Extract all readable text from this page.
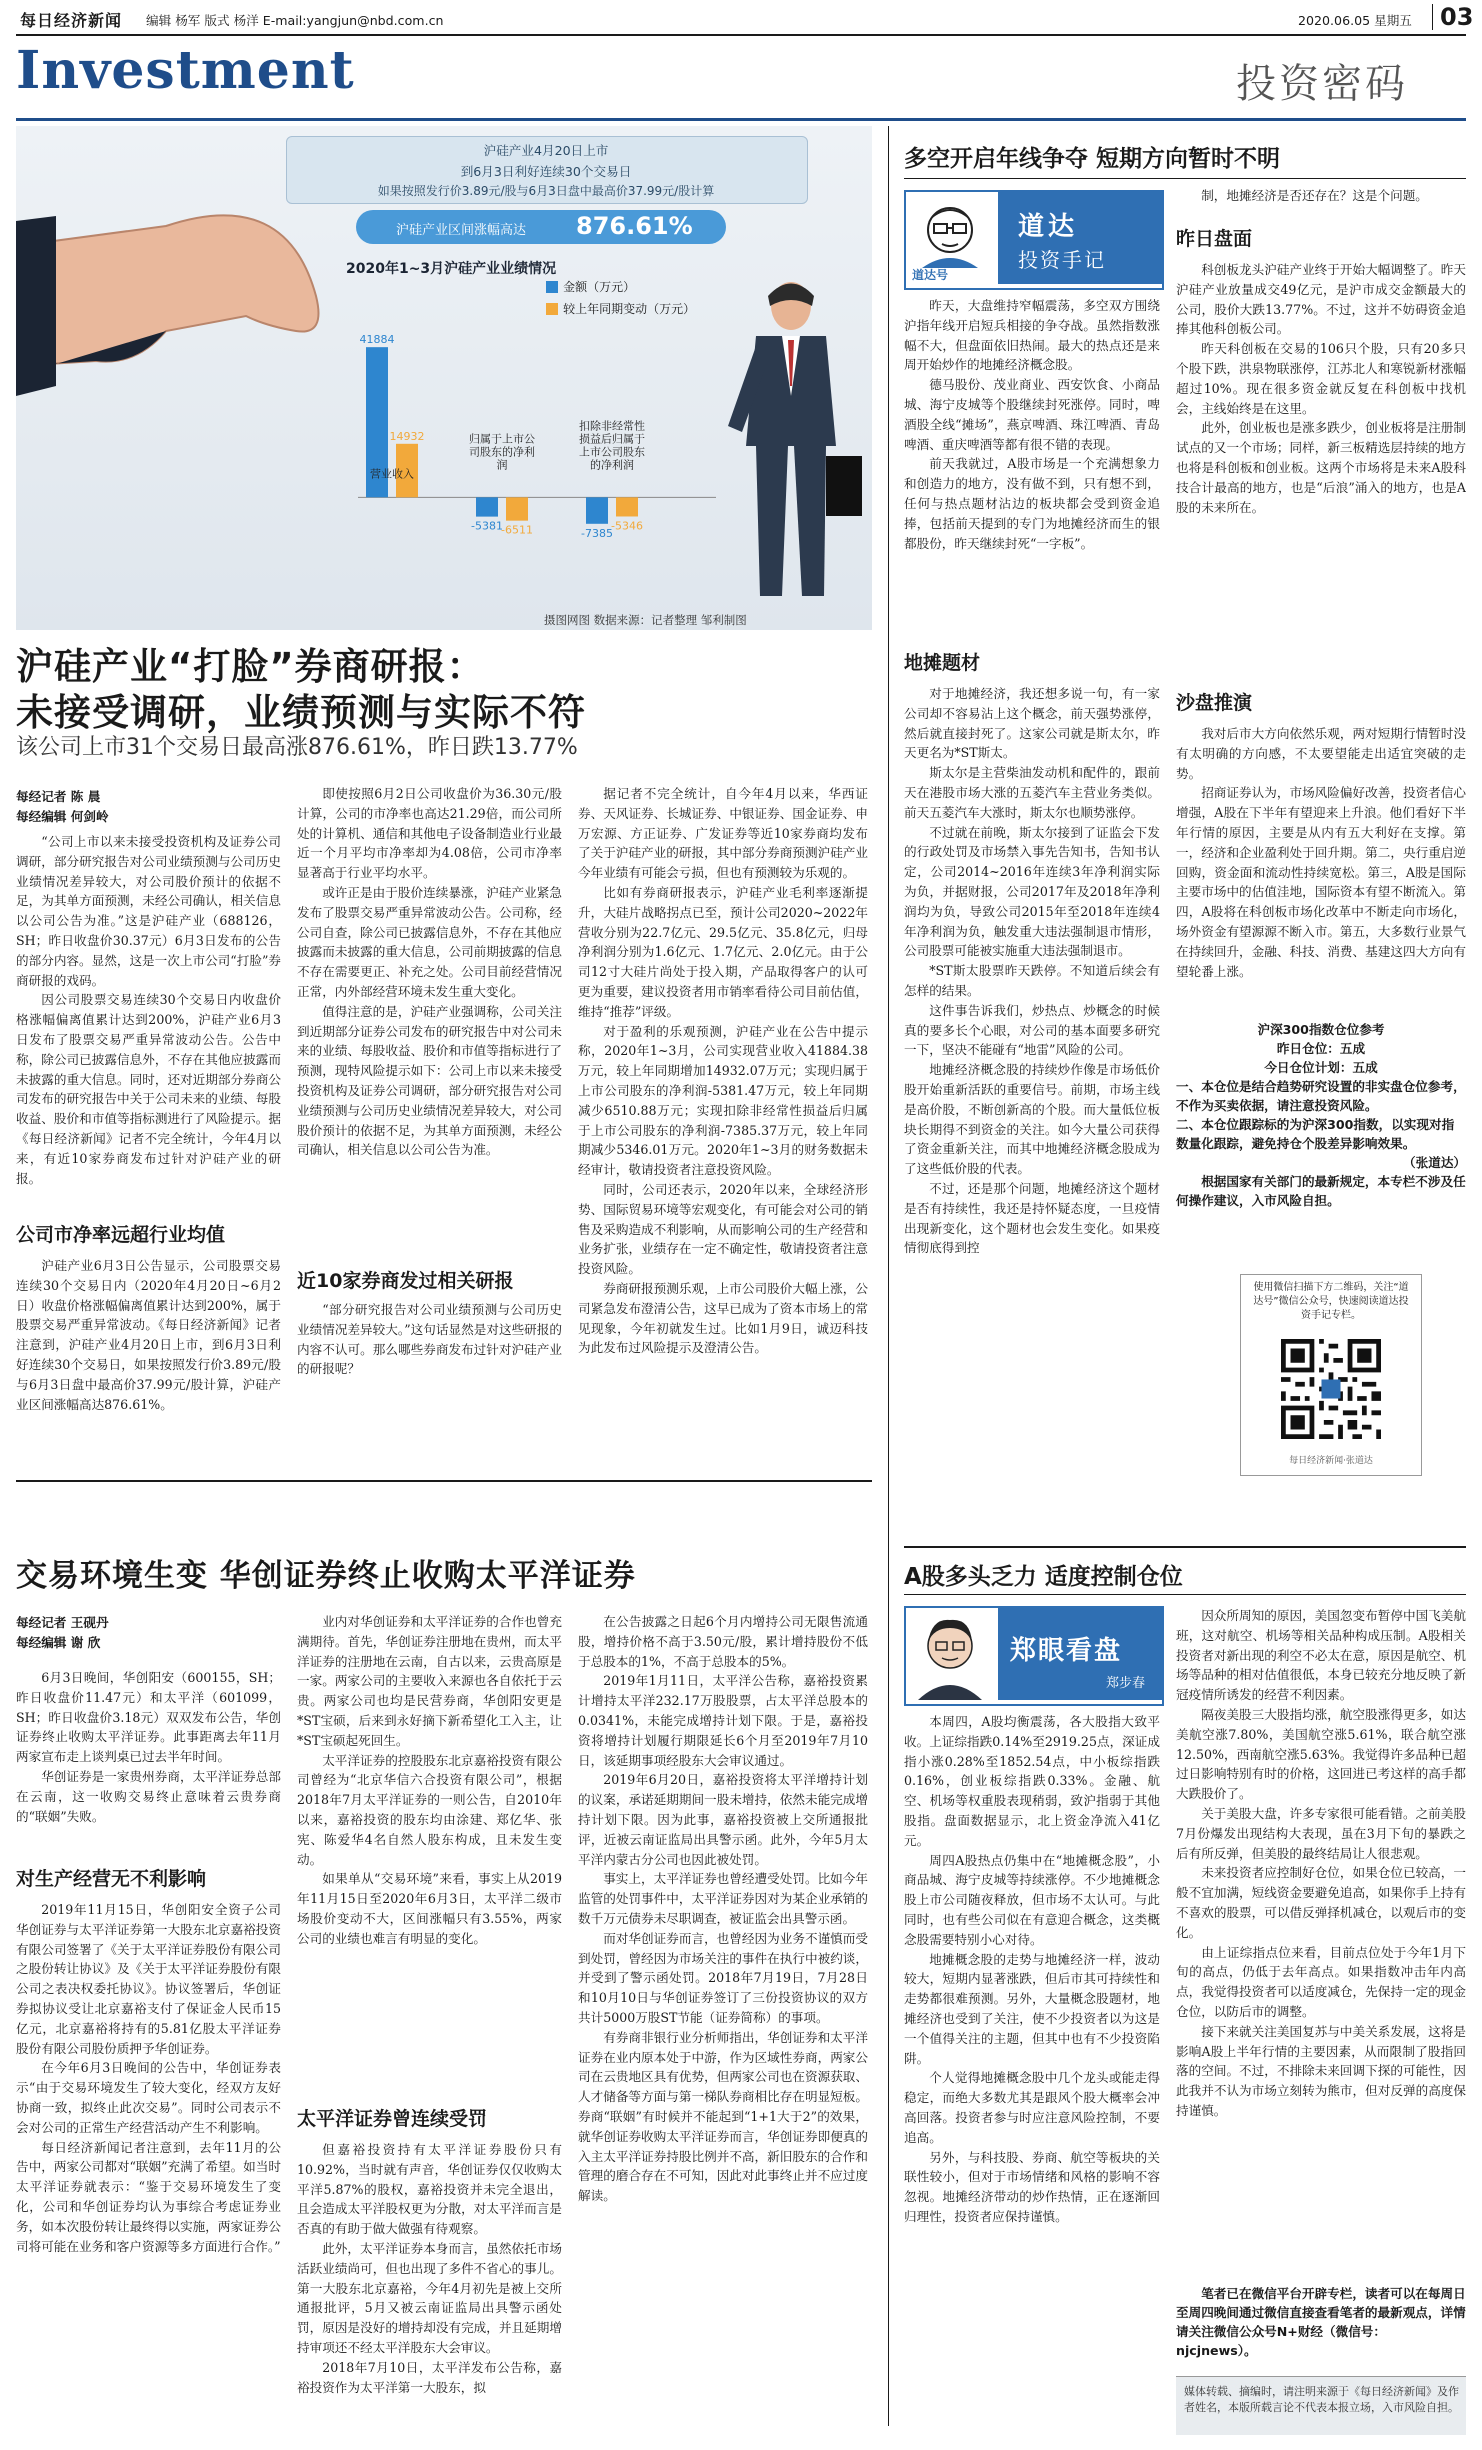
每日经济新闻 编辑 杨军 版式 杨洋 E-mail:yangjun@nbd.com.cn	2020.06.05 星期五 03
Investment	投资密码
沪硅产业4月20日上市
到6月3日利好连续30个交易日
如果按照发行价3.89元/股与6月3日盘中最高价37.99元/股计算
沪硅产业区间涨幅高达 876.61%
2020年1~3月沪硅产业业绩情况
金额（万元）
较上年同期变动（万元）
41884
14932
营业收入
-5381
-6511
归属于上市公司股东的净利润
-7385
-5346
扣除非经常性损益后归属于上市公司股东的净利润
摄图网图 数据来源：记者整理 邹利制图
沪硅产业“打脸”券商研报：
未接受调研，业绩预测与实际不符
该公司上市31个交易日最高涨876.61%，昨日跌13.77%
每经记者 陈 晨
每经编辑 何剑岭

“公司上市以来未接受投资机构及证券公司调研，部分研究报告对公司业绩预测与公司历史业绩情况差异较大，对公司股价预计的依据不足，为其单方面预测，未经公司确认，相关信息以公司公告为准。”这是沪硅产业（688126，SH；昨日收盘价30.37元）6月3日发布的公告的部分内容。显然，这是一次上市公司“打脸”券商研报的戏码。

因公司股票交易连续30个交易日内收盘价格涨幅偏离值累计达到200%，沪硅产业6月3日发布了股票交易严重异常波动公告。公告中称，除公司已披露信息外，不存在其他应披露而未披露的重大信息。同时，还对近期部分券商公司发布的研究报告中关于公司未来的业绩、每股收益、股价和市值等指标测进行了风险提示。据《每日经济新闻》记者不完全统计，今年4月以来，有近10家券商发布过针对沪硅产业的研报。

公司市净率远超行业均值

沪硅产业6月3日公告显示，公司股票交易连续30个交易日内（2020年4月20日~6月2日）收盘价格涨幅偏离值累计达到200%，属于股票交易严重异常波动。《每日经济新闻》记者注意到，沪硅产业4月20日上市，到6月3日利好连续30个交易日，如果按照发行价3.89元/股与6月3日盘中最高价37.99元/股计算，沪硅产业区间涨幅高达876.61%。

即使按照6月2日公司收盘价为36.30元/股计算，公司的市净率也高达21.29倍，而公司所处的计算机、通信和其他电子设备制造业行业最近一个月平均市净率却为4.08倍，公司市净率显著高于行业平均水平。

或许正是由于股价连续暴涨，沪硅产业紧急发布了股票交易严重异常波动公告。公司称，经公司自查，除公司已披露信息外，不存在其他应披露而未披露的重大信息，公司前期披露的信息不存在需要更正、补充之处。公司目前经营情况正常，内外部经营环境未发生重大变化。

值得注意的是，沪硅产业强调称，公司关注到近期部分证券公司发布的研究报告中对公司未来的业绩、每股收益、股价和市值等指标进行了预测，现特风险提示如下：公司上市以来未接受投资机构及证券公司调研，部分研究报告对公司业绩预测与公司历史业绩情况差异较大，对公司股价预计的依据不足，为其单方面预测，未经公司确认，相关信息以公司公告为准。

近10家券商发过相关研报

“部分研究报告对公司业绩预测与公司历史业绩情况差异较大。”这句话显然是对这些研报的内容不认可。那么哪些券商发布过针对沪硅产业的研报呢？

据记者不完全统计，自今年4月以来，华西证券、天风证券、长城证券、中银证券、国金证券、申万宏源、方正证券、广发证券等近10家券商均发布了关于沪硅产业的研报，其中部分券商预测沪硅产业今年业绩有可能会亏损，但也有预测较为乐观的。

比如有券商研报表示，沪硅产业毛利率逐渐提升，大硅片战略拐点已至，预计公司2020~2022年营收分别为22.7亿元、29.5亿元、35.8亿元，归母净利润分别为1.6亿元、1.7亿元、2.0亿元。由于公司12寸大硅片尚处于投入期，产品取得客户的认可更为重要，建议投资者用市销率看待公司目前估值，维持“推荐”评级。

对于盈利的乐观预测，沪硅产业在公告中提示称，2020年1~3月，公司实现营业收入41884.38万元，较上年同期增加14932.07万元；实现归属于上市公司股东的净利润-5381.47万元，较上年同期减少6510.88万元；实现扣除非经常性损益后归属于上市公司股东的净利润-7385.37万元，较上年同期减少5346.01万元。2020年1~3月的财务数据未经审计，敬请投资者注意投资风险。

同时，公司还表示，2020年以来，全球经济形势、国际贸易环境等宏观变化，有可能会对公司的销售及采购造成不利影响，从而影响公司的生产经营和业务扩张，业绩存在一定不确定性，敬请投资者注意投资风险。

券商研报预测乐观，上市公司股价大幅上涨，公司紧急发布澄清公告，这早已成为了资本市场上的常见现象，今年初就发生过。比如1月9日，诚迈科技为此发布过风险提示及澄清公告。

多空开启年线争夺 短期方向暂时不明
道达号
道达
投资手记

昨天，大盘维持窄幅震荡，多空双方围绕沪指年线开启短兵相接的争夺战。虽然指数涨幅不大，但盘面依旧热闹。最大的热点还是来周开始炒作的地摊经济概念股。

德马股份、茂业商业、西安饮食、小商品城、海宁皮城等个股继续封死涨停。同时，啤酒股全线“摊场”，燕京啤酒、珠江啤酒、青岛啤酒、重庆啤酒等都有很不错的表现。

前天我就过，A股市场是一个充满想象力和创造力的地方，没有做不到，只有想不到，任何与热点题材沾边的板块都会受到资金追捧，包括前天提到的专门为地摊经济而生的银都股份，昨天继续封死“一字板”。

地摊题材

对于地摊经济，我还想多说一句，有一家公司却不容易沾上这个概念，前天强势涨停，然后就直接封死了。这家公司就是斯太尔，昨天更名为*ST斯太。

斯太尔是主营柴油发动机和配件的，跟前天在港股市场大涨的五菱汽车主营业务类似。前天五菱汽车大涨时，斯太尔也顺势涨停。

不过就在前晚，斯太尔接到了证监会下发的行政处罚及市场禁入事先告知书，告知书认定，公司2014~2016年连续3年净利润实际为负，并据财报，公司2017年及2018年净利润均为负，导致公司2015年至2018年连续4年净利润为负，触发重大违法强制退市情形，公司股票可能被实施重大违法强制退市。

*ST斯太股票昨天跌停。不知道后续会有怎样的结果。

这件事告诉我们，炒热点、炒概念的时候真的要多长个心眼，对公司的基本面要多研究一下，坚决不能碰有“地雷”风险的公司。

地摊经济概念股的持续炒作像是市场低价股开始重新活跃的重要信号。前期，市场主线是高价股，不断创新高的个股。而大量低位板块长期得不到资金的关注。如今大量公司获得了资金重新关注，而其中地摊经济概念股成为了这些低价股的代表。

不过，还是那个问题，地摊经济这个题材是否有持续性，我还是持怀疑态度，一旦疫情出现新变化，这个题材也会发生变化。如果疫情彻底得到控

制，地摊经济是否还存在？这是个问题。

昨日盘面

科创板龙头沪硅产业终于开始大幅调整了。昨天沪硅产业放量成交49亿元，是沪市成交金额最大的公司，股价大跌13.77%。不过，这并不妨碍资金追捧其他科创板公司。

昨天科创板在交易的106只个股，只有20多只个股下跌，洪泉物联涨停，江苏北人和寒锐新材涨幅超过10%。现在很多资金就反复在科创板中找机会，主线始终是在这里。

此外，创业板也是涨多跌少，创业板将是注册制试点的又一个市场；同样，新三板精选层持续的地方也将是科创板和创业板。这两个市场将是未来A股科技合计最高的地方，也是“后浪”涌入的地方，也是A股的未来所在。

沙盘推演

我对后市大方向依然乐观，两对短期行情暂时没有太明确的方向感，不太要望能走出适宜突破的走势。

招商证券认为，市场风险偏好改善，投资者信心增强，A股在下半年有望迎来上升浪。他们看好下半年行情的原因，主要是从内有五大利好在支撑。第一，经济和企业盈利处于回升期。第二，央行重启逆回购，资金面和流动性持续宽松。第三，A股是国际主要市场中的估值洼地，国际资本有望不断流入。第四，A股将在科创板市场化改革中不断走向市场化，场外资金有望源源不断入市。第五，大多数行业景气在持续回升，金融、科技、消费、基建这四大方向有望轮番上涨。

沪深300指数仓位参考
昨日仓位：五成
今日仓位计划：五成
一、本仓位是结合趋势研究设置的非实盘仓位参考，不作为买卖依据，请注意投资风险。
二、本仓位跟踪标的为沪深300指数，以实现对指数量化跟踪，避免持仓个股差异影响效果。
（张道达）
根据国家有关部门的最新规定，本专栏不涉及任何操作建议，入市风险自担。
使用微信扫描下方二维码，关注“道达号”微信公众号，快速阅读道达投资手记专栏。
每日经济新闻·张道达
交易环境生变 华创证券终止收购太平洋证券
每经记者 王砚丹
每经编辑 谢 欣

6月3日晚间，华创阳安（600155，SH；昨日收盘价11.47元）和太平洋（601099，SH；昨日收盘价3.18元）双双发布公告，华创证券终止收购太平洋证券。此事距离去年11月两家宣布走上谈判桌已过去半年时间。

华创证券是一家贵州券商，太平洋证券总部在云南，这一收购交易终止意味着云贵券商的“联姻”失败。

对生产经营无不利影响

2019年11月15日，华创阳安全资子公司华创证券与太平洋证券第一大股东北京嘉裕投资有限公司签署了《关于太平洋证券股份有限公司之股份转让协议》及《关于太平洋证券股份有限公司之表决权委托协议》。协议签署后，华创证券拟协议受让北京嘉裕支付了保证金人民币15亿元，北京嘉裕将持有的5.81亿股太平洋证券股份有限公司股份质押予华创证券。

在今年6月3日晚间的公告中，华创证券表示“由于交易环境发生了较大变化，经双方友好协商一致，拟终止此次交易”。同时公司表示不会对公司的正常生产经营活动产生不利影响。

每日经济新闻记者注意到，去年11月的公告中，两家公司都对“联姻”充满了希望。如当时太平洋证券就表示：“鉴于交易环境发生了变化，公司和华创证券均认为事综合考虑证券业务，如本次股份转让最终得以实施，两家证券公司将可能在业务和客户资源等多方面进行合作。”

业内对华创证券和太平洋证券的合作也曾充满期待。首先，华创证券注册地在贵州，而太平洋证券的注册地在云南，自古以来，云贵高原是一家。两家公司的主要收入来源也各自依托于云贵。两家公司也均是民营券商，华创阳安更是*ST宝硕，后来到永好摘下新希望化工入主，让*ST宝硕起死回生。

太平洋证券的控股股东北京嘉裕投资有限公司曾经为“北京华信六合投资有限公司”，根据2018年7月太平洋证券的一则公告，自2010年以来，嘉裕投资的股东均由涂建、郑亿华、张宪、陈爱华4名自然人股东构成，且未发生变动。

如果单从“交易环境”来看，事实上从2019年11月15日至2020年6月3日，太平洋二级市场股价变动不大，区间涨幅只有3.55%，两家公司的业绩也难言有明显的变化。

太平洋证券曾连续受罚

但嘉裕投资持有太平洋证券股份只有10.92%，当时就有声音，华创证券仅仅收购太平洋5.87%的股权，嘉裕投资并未完全退出，且会造成太平洋股权更为分散，对太平洋而言是否真的有助于做大做强有待观察。

此外，太平洋证券本身而言，虽然依托市场活跃业绩尚可，但也出现了多件不省心的事儿。第一大股东北京嘉裕，今年4月初先是被上交所通报批评，5月又被云南证监局出具警示函处罚，原因是没好的增持却没有完成，并且延期增持审项还不经太平洋股东大会审议。

2018年7月10日，太平洋发布公告称，嘉裕投资作为太平洋第一大股东，拟

在公告披露之日起6个月内增持公司无限售流通股，增持价格不高于3.50元/股，累计增持股份不低于总股本的1%，不高于总股本的5%。

2019年1月11日，太平洋公告称，嘉裕投资累计增持太平洋232.17万股股票，占太平洋总股本的0.0341%，未能完成增持计划下限。于是，嘉裕投资将增持计划履行期限延长6个月至2019年7月10日，该延期事项经股东大会审议通过。

2019年6月20日，嘉裕投资将太平洋增持计划的议案，承诺延期期间一股未增持，依然未能完成增持计划下限。因为此事，嘉裕投资被上交所通报批评，近被云南证监局出具警示函。此外，今年5月太平洋内蒙古分公司也因此被处罚。

事实上，太平洋证券也曾经遭受处罚。比如今年监管的处罚事件中，太平洋证券因对为某企业承销的数千万元债券未尽职调查，被证监会出具警示函。

而对华创证券而言，也曾经因为业务不谨慎而受到处罚，曾经因为市场关注的事件在执行中被约谈，并受到了警示函处罚。2018年7月19日，7月28日和10月10日与华创证券签订了三份投资协议的双方共计5000万股ST节能（证券简称）的事项。

有券商非银行业分析师指出，华创证券和太平洋证券在业内原本处于中游，作为区域性券商，两家公司在云贵地区具有优势，但两家公司也在资源获取、人才储备等方面与第一梯队券商相比存在明显短板。券商“联姻”有时候并不能起到“1+1大于2”的效果，就华创证券收购太平洋证券而言，华创证券即便真的入主太平洋证券持股比例并不高，新旧股东的合作和管理的磨合存在不可知，因此对此事终止并不应过度解读。

A股多头乏力 适度控制仓位
郑眼看盘
郑步春

本周四，A股均衡震荡，各大股指大致平收。上证综指跌0.14%至2919.25点，深证成指小涨0.28%至1852.54点，中小板综指跌0.16%，创业板综指跌0.33%。金融、航空、机场等权重股表现稍弱，致沪指弱于其他股指。盘面数据显示，北上资金净流入41亿元。

周四A股热点仍集中在“地摊概念股”，小商品城、海宁皮城等持续涨停。不少地摊概念股上市公司随夜释放，但市场不太认可。与此同时，也有些公司似在有意迎合概念，这类概念股需要特别小心对待。

地摊概念股的走势与地摊经济一样，波动较大，短期内显著涨跌，但后市其可持续性和走势都很难预测。另外，大量概念股题材，地摊经济也受到了关注，使不少投资者以为这是一个值得关注的主题，但其中也有不少投资陷阱。

个人觉得地摊概念股中几个龙头或能走得稳定，而绝大多数尤其是跟风个股大概率会冲高回落。投资者参与时应注意风险控制，不要追高。

另外，与科技股、券商、航空等板块的关联性较小，但对于市场情绪和风格的影响不容忽视。地摊经济带动的炒作热情，正在逐渐回归理性，投资者应保持谨慎。

因众所周知的原因，美国忽变布暂停中国飞美航班，这对航空、机场等相关品种构成压制。A股相关投资者对新出现的利空不必太在意，原因是航空、机场等品种的相对估值很低，本身已较充分地反映了新冠疫情所诱发的经营不利因素。

隔夜美股三大股指均涨，航空股涨得更多，如达美航空涨7.80%，美国航空涨5.61%，联合航空涨12.50%，西南航空涨5.63%。我觉得许多品种已超过日影响特别有时的价格，这回进已考这样的高手都大跌股价了。

关于美股大盘，许多专家很可能看错。之前美股7月份爆发出现结构大表现，虽在3月下旬的暴跌之后有所反弹，但美股的最终结局让人很悲观。

未来投资者应控制好仓位，如果仓位已较高，一般不宜加满，短线资金要避免追高，如果你手上持有不喜欢的股票，可以借反弹择机减仓，以观后市的变化。

由上证综指点位来看，目前点位处于今年1月下旬的高点，仍低于去年高点。如果指数冲击年内高点，我觉得投资者可以适度减仓，先保持一定的现金仓位，以防后市的调整。

接下来就关注美国复苏与中美关系发展，这将是影响A股上半年行情的主要因素，从而限制了股指回落的空间。不过，不排除未来回调下探的可能性，因此我并不认为市场立刻转为熊市，但对反弹的高度保持谨慎。

笔者已在微信平台开辟专栏，读者可以在每周日至周四晚间通过微信直接查看笔者的最新观点，详情请关注微信公众号N+财经（微信号：njcjnews）。
媒体转载、摘编时，请注明来源于《每日经济新闻》及作者姓名，本版所载言论不代表本报立场，入市风险自担。
